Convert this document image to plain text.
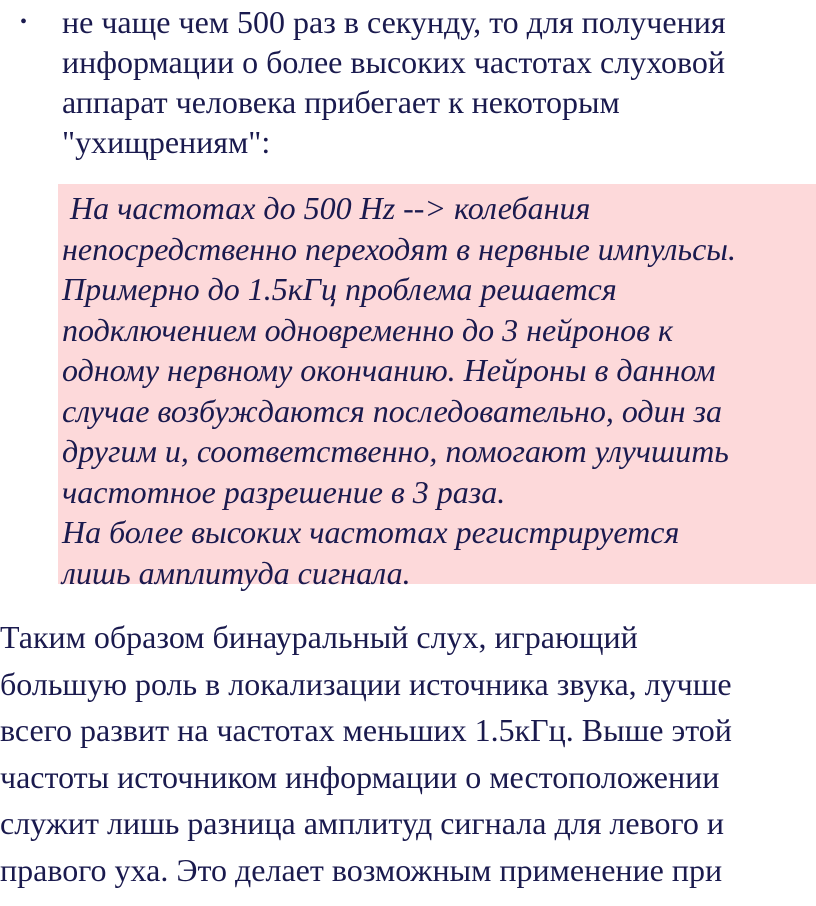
•	не чаще чем 500 раз в секунду, то для получения
информации о более высоких частотах слуховой
аппарат человека прибегает к некоторым
"ухищрениям":
На частотах до 500 Hz --> колебания
непосредственно переходят в нервные импульсы.
Примерно до 1.5кГц проблема решается
подключением одновременно до 3 нейронов к
одному нервному окончанию. Нейроны в данном
случае возбуждаются последовательно, один за
другим и, соответственно, помогают улучшить
частотное разрешение в 3 раза.
На более высоких частотах регистрируется
лишь амплитуда сигнала.
Таким образом бинауральный слух, играющий
большую роль в локализации источника звука, лучше
всего развит на частотах меньших 1.5кГц. Выше этой
частоты источником информации о местоположении
служит лишь разница амплитуд сигнала для левого и
правого уха. Это делает возможным применение при
